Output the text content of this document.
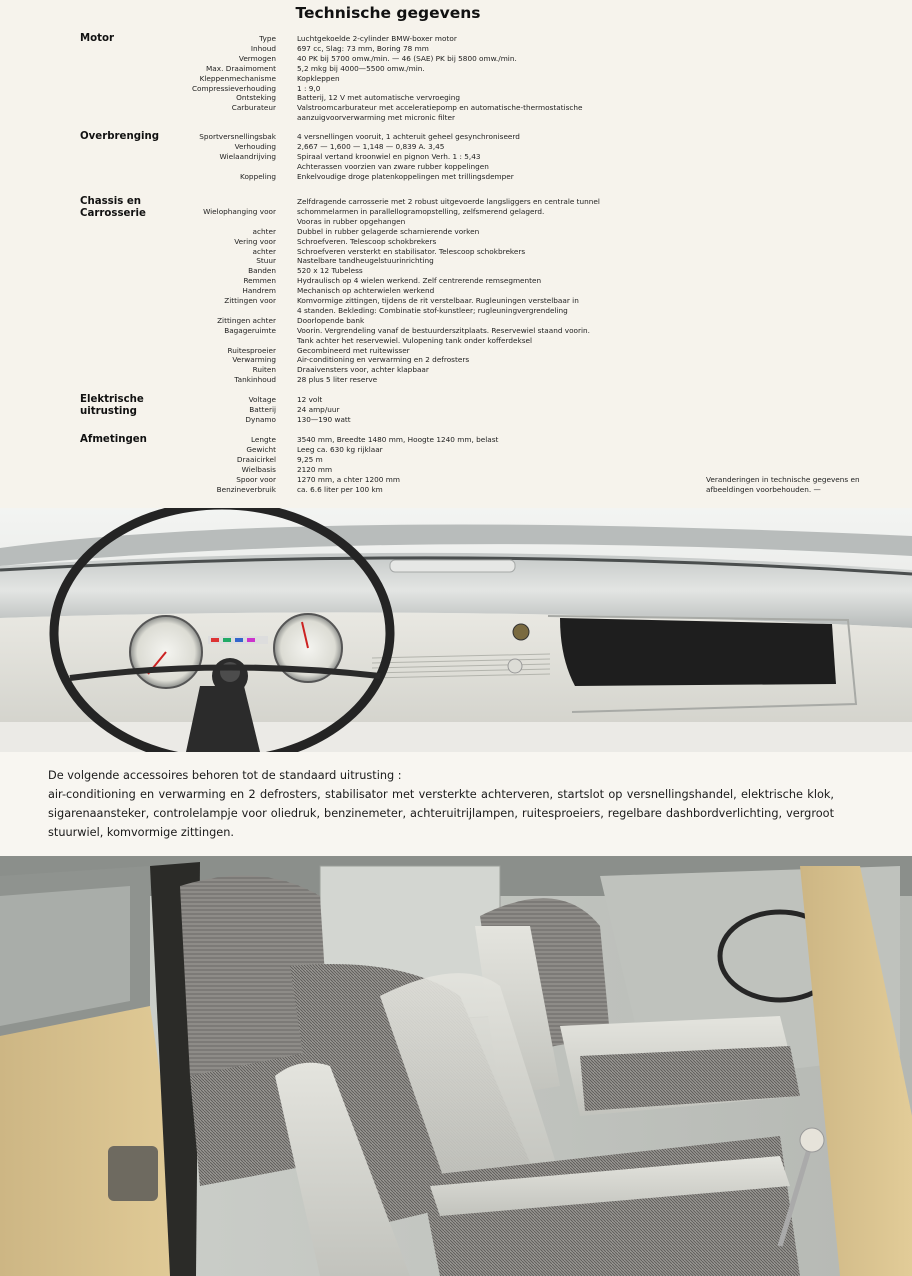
Technische gegevens
Motor	Type	Luchtgekoelde 2-cylinder BMW-boxer motor
Inhoud	697 cc, Slag: 73 mm, Boring 78 mm
Vermogen	40 PK bij 5700 omw./min. — 46 (SAE) PK bij 5800 omw./min.
Max. Draaimoment	5,2 mkg bij 4000—5500 omw./min.
Kleppenmechanisme	Kopkleppen
Compressieverhouding	1 : 9,0
Ontsteking	Batterij, 12 V met automatische vervroeging
Carburateur	Valstroomcarburateur met acceleratiepomp en automatische-thermostatische
aanzuigvoorverwarming met micronic filter
Overbrenging	Sportversnellingsbak	4 versnellingen vooruit, 1 achteruit geheel gesynchroniseerd
Verhouding	2,667 — 1,600 — 1,148 — 0,839 A. 3,45
Wielaandrijving	Spiraal vertand kroonwiel en pignon Verh. 1 : 5,43
Achterassen voorzien van zware rubber koppelingen
Koppeling	Enkelvoudige droge platenkoppelingen met trillingsdemper
Chassis en
Carrosserie
Zelfdragende carrosserie met 2 robust uitgevoerde langsliggers en centrale tunnel
Wielophanging voor	schommelarmen in parallellogramopstelling, zelfsmerend gelagerd.
Vooras in rubber opgehangen
achter	Dubbel in rubber gelagerde scharnierende vorken
Vering voor	Schroefveren. Telescoop schokbrekers
achter	Schroefveren versterkt en stabilisator. Telescoop schokbrekers
Stuur	Nastelbare tandheugelstuurinrichting
Banden	520 x 12 Tubeless
Remmen	Hydraulisch op 4 wielen werkend. Zelf centrerende remsegmenten
Handrem	Mechanisch op achterwielen werkend
Zittingen voor	Komvormige zittingen, tijdens de rit verstelbaar. Rugleuningen verstelbaar in
4 standen. Bekleding: Combinatie stof-kunstleer; rugleuningvergrendeling
Zittingen achter	Doorlopende bank
Bagageruimte	Voorin. Vergrendeling vanaf de bestuurderszitplaats. Reservewiel staand voorin.
Tank achter het reservewiel. Vulopening tank onder kofferdeksel
Ruitesproeier	Gecombineerd met ruitewisser
Verwarming	Air-conditioning en verwarming en 2 defrosters
Ruiten	Draaivensters voor, achter klapbaar
Tankinhoud	28 plus 5 liter reserve
Elektrische uitrusting
Voltage	12 volt
Batterij	24 amp/uur
Dynamo	130—190 watt
Afmetingen	Lengte	3540 mm, Breedte 1480 mm, Hoogte 1240 mm, belast
Gewicht	Leeg ca. 630 kg rijklaar
Draaicirkel	9,25 m
Wielbasis	2120 mm
Spoor voor	1270 mm, a chter 1200 mm
Benzineverbruik	ca. 6.6 liter per 100 km
Veranderingen in technische gegevens en afbeeldingen voorbehouden. —

De volgende accessoires behoren tot de standaard uitrusting :
air-conditioning en verwarming en 2 defrosters, stabilisator met versterkte achterveren, startslot op versnellingshandel, elektrische klok, sigarenaansteker, controlelampje voor oliedruk, benzinemeter, achteruitrijlampen, ruitesproeiers, regelbare dashbordverlichting, vergroot stuurwiel, komvormige zittingen.
